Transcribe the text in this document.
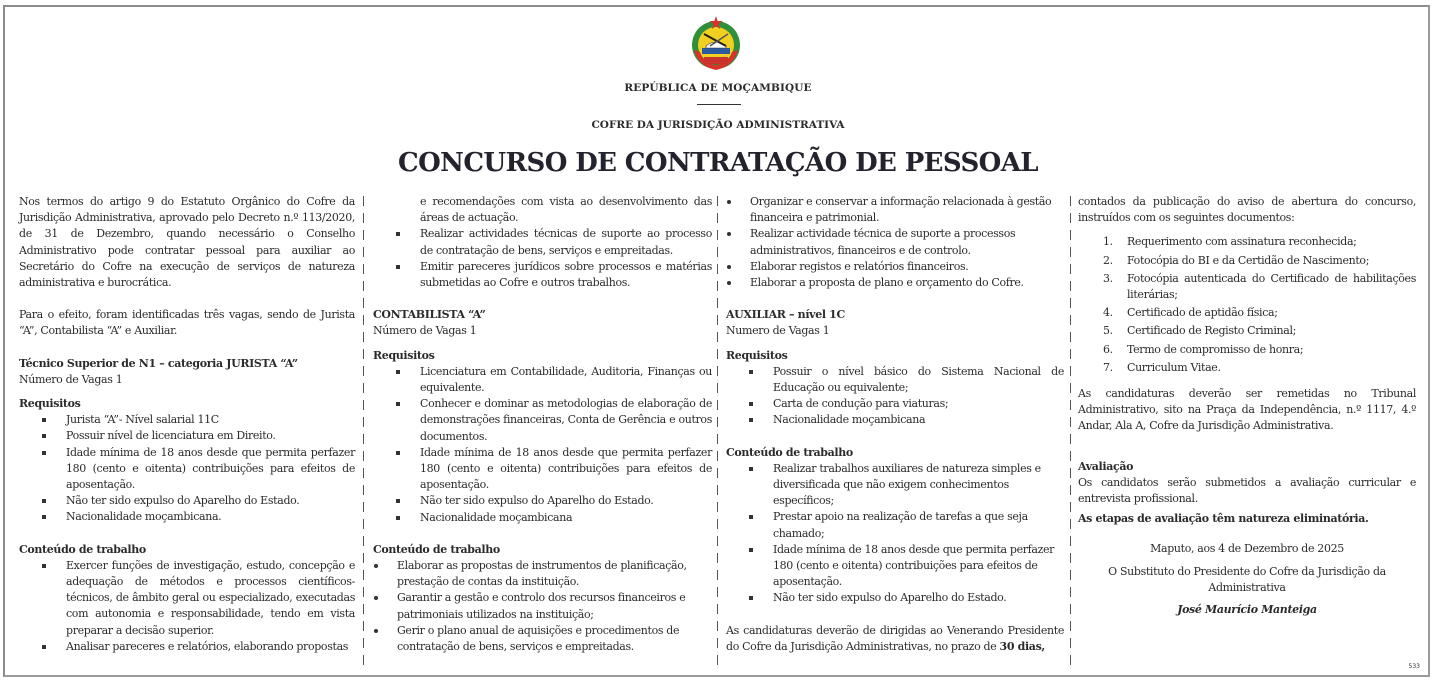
REPÚBLICA DE MOÇAMBIQUE
COFRE DA JURISDIÇÃO ADMINISTRATIVA
CONCURSO DE CONTRATAÇÃO DE PESSOAL

Nos termos do artigo 9 do Estatuto Orgânico do Cofre da Jurisdição Administrativa, aprovado pelo Decreto n.º 113/2020, de 31 de Dezembro, quando necessário o Conselho Administrativo pode contratar pessoal para auxiliar ao Secretário do Cofre na execução de serviços de natureza administrativa e burocrática.

Para o efeito, foram identificadas três vagas, sendo de Jurista “A”, Contabilista “A” e Auxiliar.

Técnico Superior de N1 – categoria JURISTA “A”

Número de Vagas 1

Requisitos

Jurista “A”- Nível salarial 11C
Possuir nível de licenciatura em Direito.
Idade mínima de 18 anos desde que permita perfazer 180 (cento e oitenta) contribuições para efeitos de aposentação.
Não ter sido expulso do Aparelho do Estado.
Nacionalidade moçambicana.

Conteúdo de trabalho

Exercer funções de investigação, estudo, concepção e adequação de métodos e processos científicos-técnicos, de âmbito geral ou especializado, executadas com autonomia e responsabilidade, tendo em vista preparar a decisão superior.
Analisar pareceres e relatórios, elaborando propostas
e recomendações com vista ao desenvolvimento das áreas de actuação.
Realizar actividades técnicas de suporte ao processo de contratação de bens, serviços e empreitadas.
Emitir pareceres jurídicos sobre processos e matérias submetidas ao Cofre e outros trabalhos.

CONTABILISTA “A”

Número de Vagas 1

Requisitos

Licenciatura em Contabilidade, Auditoria, Finanças ou equivalente.
Conhecer e dominar as metodologias de elaboração de demonstrações financeiras, Conta de Gerência e outros documentos.
Idade mínima de 18 anos desde que permita perfazer 180 (cento e oitenta) contribuições para efeitos de aposentação.
Não ter sido expulso do Aparelho do Estado.
Nacionalidade moçambicana

Conteúdo de trabalho

Elaborar as propostas de instrumentos de planificação, prestação de contas da instituição.
Garantir a gestão e controlo dos recursos financeiros e patrimoniais utilizados na instituição;
Gerir o plano anual de aquisições e procedimentos de contratação de bens, serviços e empreitadas.
Organizar e conservar a informação relacionada à gestão financeira e patrimonial.
Realizar actividade técnica de suporte a processos administrativos, financeiros e de controlo.
Elaborar registos e relatórios financeiros.
Elaborar a proposta de plano e orçamento do Cofre.

AUXILIAR – nível 1C

Numero de Vagas 1

Requisitos

Possuir o nível básico do Sistema Nacional de Educação ou equivalente;
Carta de condução para viaturas;
Nacionalidade moçambicana

Conteúdo de trabalho

Realizar trabalhos auxiliares de natureza simples e diversificada que não exigem conhecimentos específicos;
Prestar apoio na realização de tarefas a que seja chamado;
Idade mínima de 18 anos desde que permita perfazer 180 (cento e oitenta) contribuições para efeitos de aposentação.
Não ter sido expulso do Aparelho do Estado.

As candidaturas deverão de dirigidas ao Venerando Presidente do Cofre da Jurisdição Administrativas, no prazo de 30 dias,

contados da publicação do aviso de abertura do concurso, instruídos com os seguintes documentos:

1. Requerimento com assinatura reconhecida;
2. Fotocópia do BI e da Certidão de Nascimento;
3. Fotocópia autenticada do Certificado de habilitações literárias;
4. Certificado de aptidão física;
5. Certificado de Registo Criminal;
6. Termo de compromisso de honra;
7. Curriculum Vitae.

As candidaturas deverão ser remetidas no Tribunal Administrativo, sito na Praça da Independência, n.º 1117, 4.º Andar, Ala A, Cofre da Jurisdição Administrativa.

Avaliação

Os candidatos serão submetidos a avaliação curricular e entrevista profissional.

As etapas de avaliação têm natureza eliminatória.

Maputo, aos 4 de Dezembro de 2025

O Substituto do Presidente do Cofre da Jurisdição da Administrativa

José Maurício Manteiga

533
